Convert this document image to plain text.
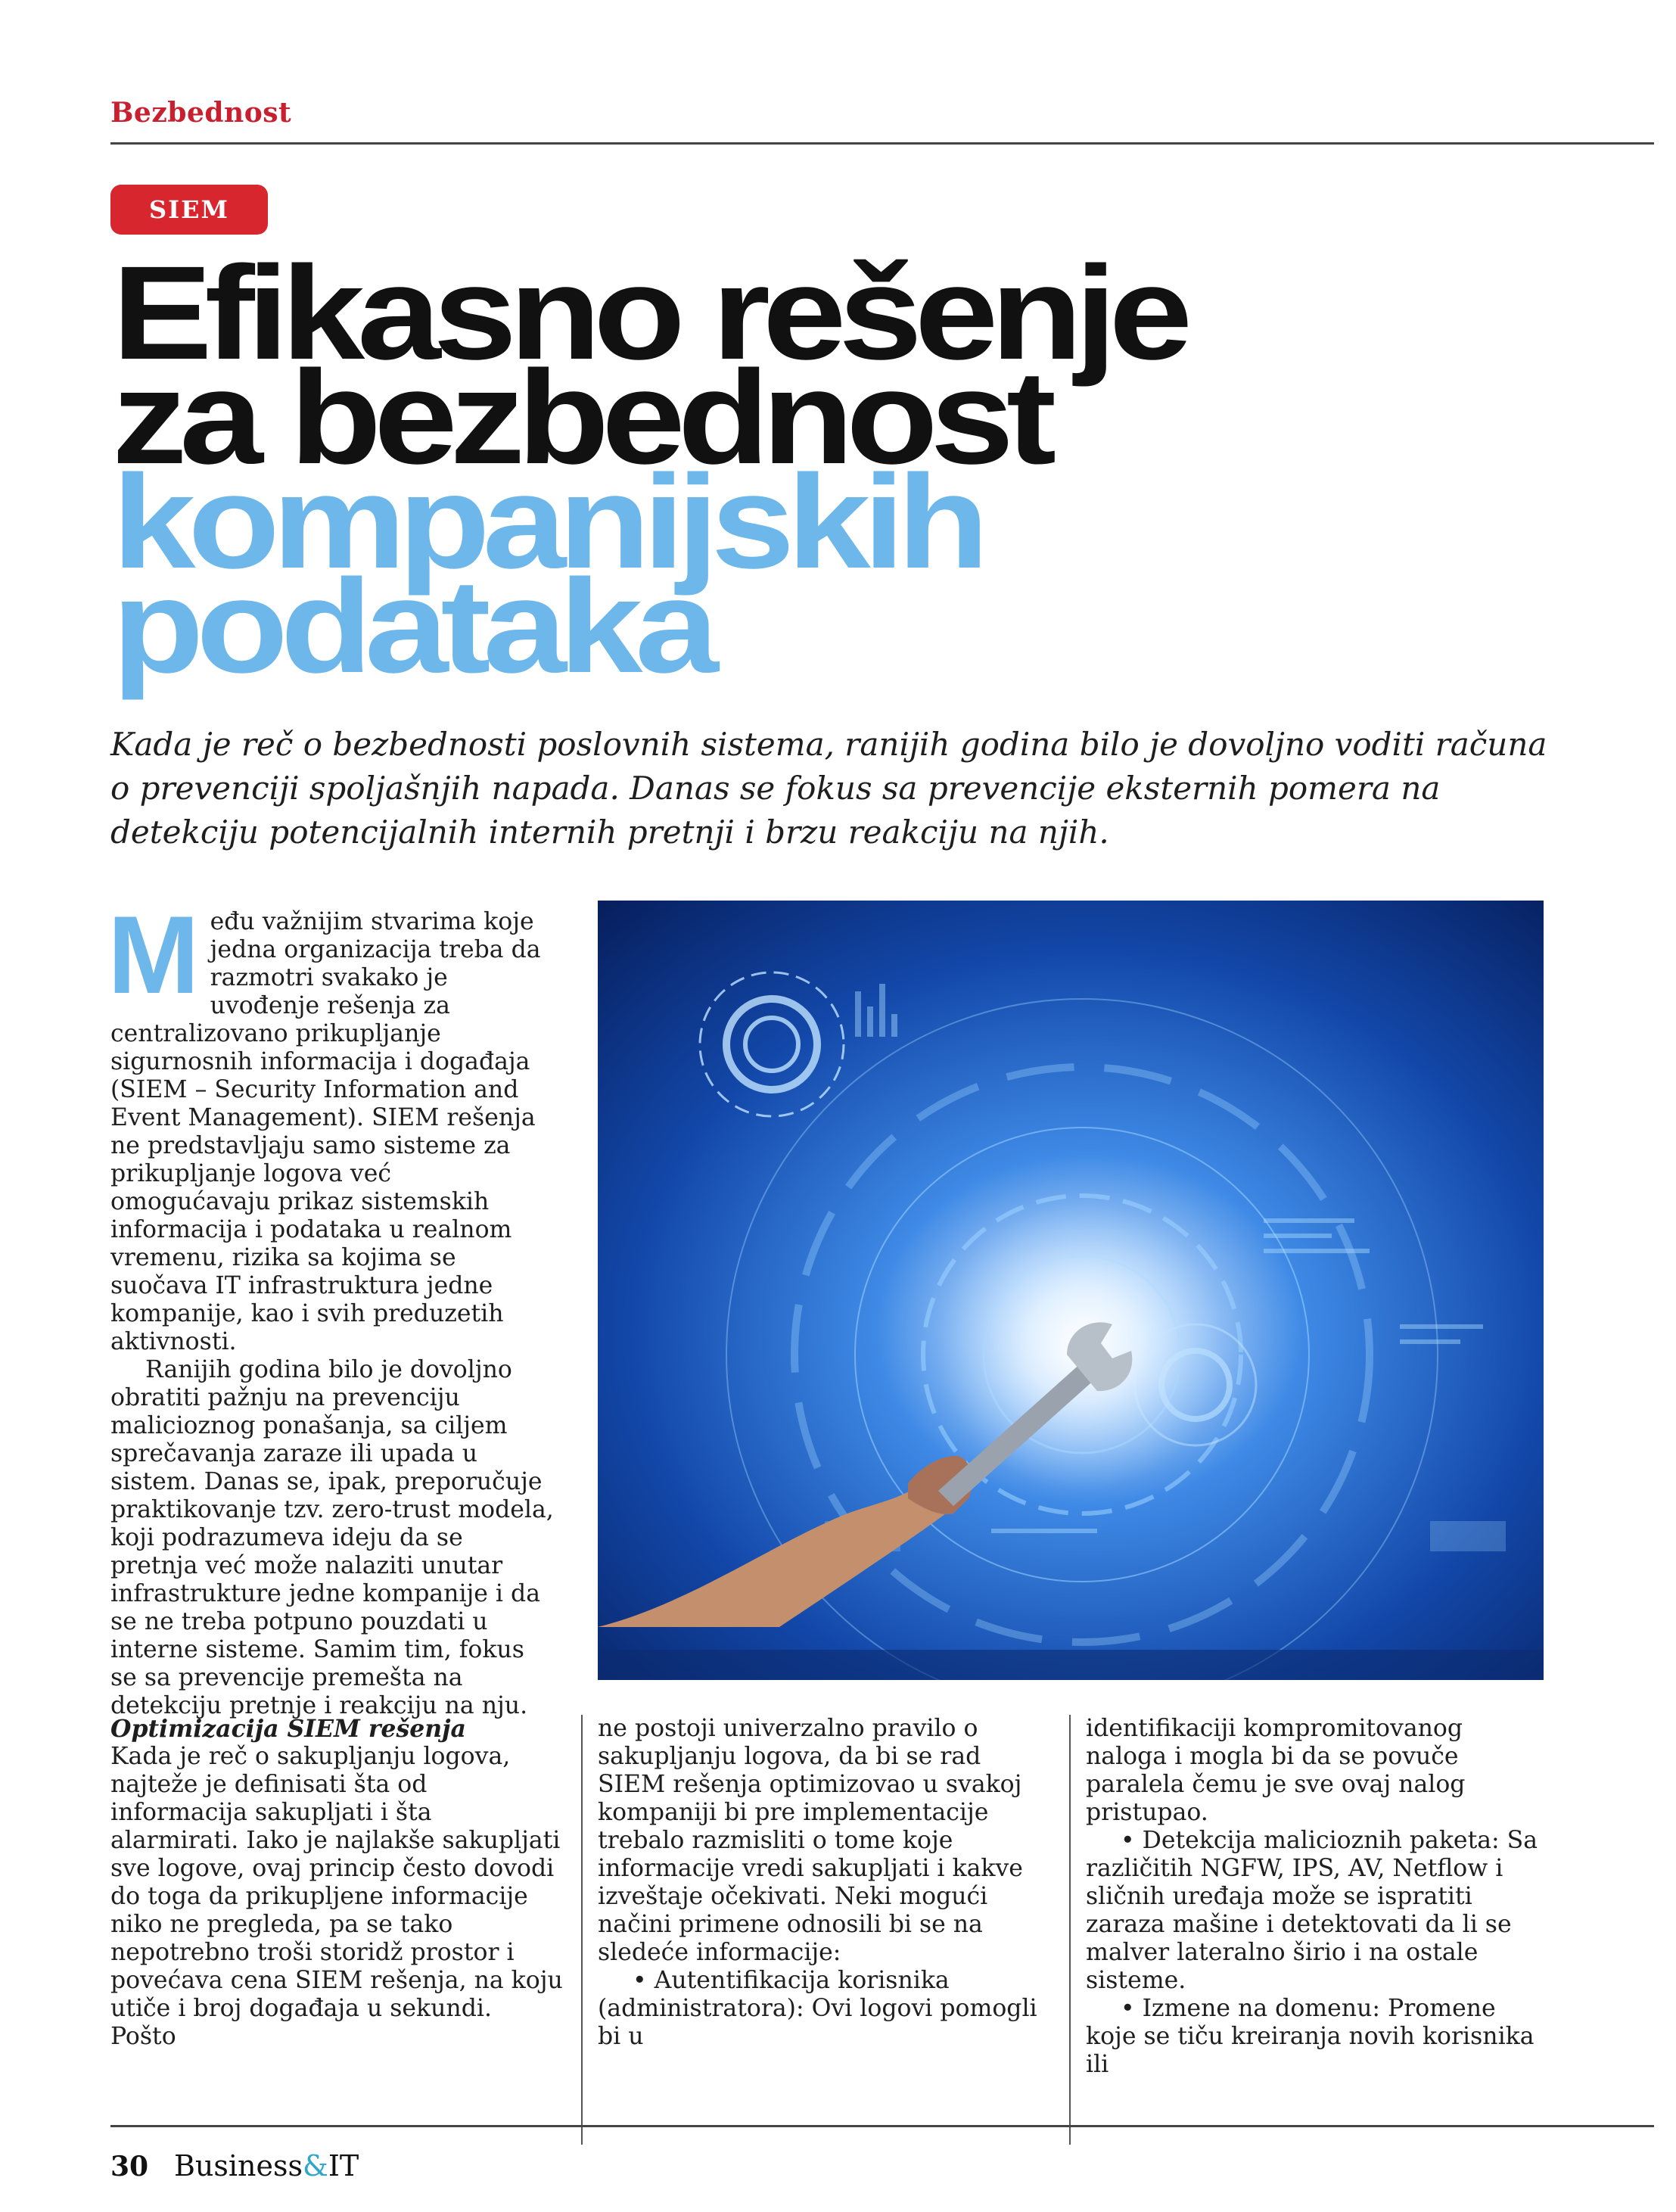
Bezbednost
SIEM
Efikasno rešenje
za bezbednost
kompanijskih
podataka
Kada je reč o bezbednosti poslovnih sistema, ranijih godina bilo je dovoljno voditi računa o prevenciji spoljašnjih napada. Danas se fokus sa prevencije eksternih pomera na detekciju potencijalnih internih pretnji i brzu reakciju na njih.
M eđu važnijim stvarima koje jedna organizacija treba da razmotri svakako je uvođenje rešenja za centralizovano prikupljanje sigurnosnih informacija i događaja (SIEM – Security Information and Event Management). SIEM rešenja ne predstavljaju samo sisteme za prikupljanje logova već omogućavaju prikaz sistemskih informacija i podataka u realnom vremenu, rizika sa kojima se suočava IT infrastruktura jedne kompanije, kao i svih preduzetih aktivnosti.

Ranijih godina bilo je dovoljno obratiti pažnju na prevenciju malicioznog ponašanja, sa ciljem sprečavanja zaraze ili upada u sistem. Danas se, ipak, preporučuje praktikovanje tzv. zero-trust modela, koji podrazumeva ideju da se pretnja već može nalaziti unutar infrastrukture jedne kompanije i da se ne treba potpuno pouzdati u interne sisteme. Samim tim, fokus se sa prevencije premešta na detekciju pretnje i reakciju na nju.

Optimizacija SIEM rešenja

Kada je reč o sakupljanju logova, najteže je definisati šta od informacija sakupljati i šta alarmirati. Iako je najlakše sakupljati sve logove, ovaj princip često dovodi do toga da prikupljene informacije niko ne pregleda, pa se tako nepotrebno troši storidž prostor i povećava cena SIEM rešenja, na koju utiče i broj događaja u sekundi. Pošto

ne postoji univerzalno pravilo o sakupljanju logova, da bi se rad SIEM rešenja optimizovao u svakoj kompaniji bi pre implementacije trebalo razmisliti o tome koje informacije vredi sakupljati i kakve izveštaje očekivati. Neki mogući načini primene odnosili bi se na sledeće informacije:

• Autentifikacija korisnika (administratora): Ovi logovi pomogli bi u

identifikaciji kompromitovanog naloga i mogla bi da se povuče paralela čemu je sve ovaj nalog pristupao.

• Detekcija malicioznih paketa: Sa različitih NGFW, IPS, AV, Netflow i sličnih uređaja može se ispratiti zaraza mašine i detektovati da li se malver lateralno širio i na ostale sisteme.

• Izmene na domenu: Promene koje se tiču kreiranja novih korisnika ili

30 Business&IT
